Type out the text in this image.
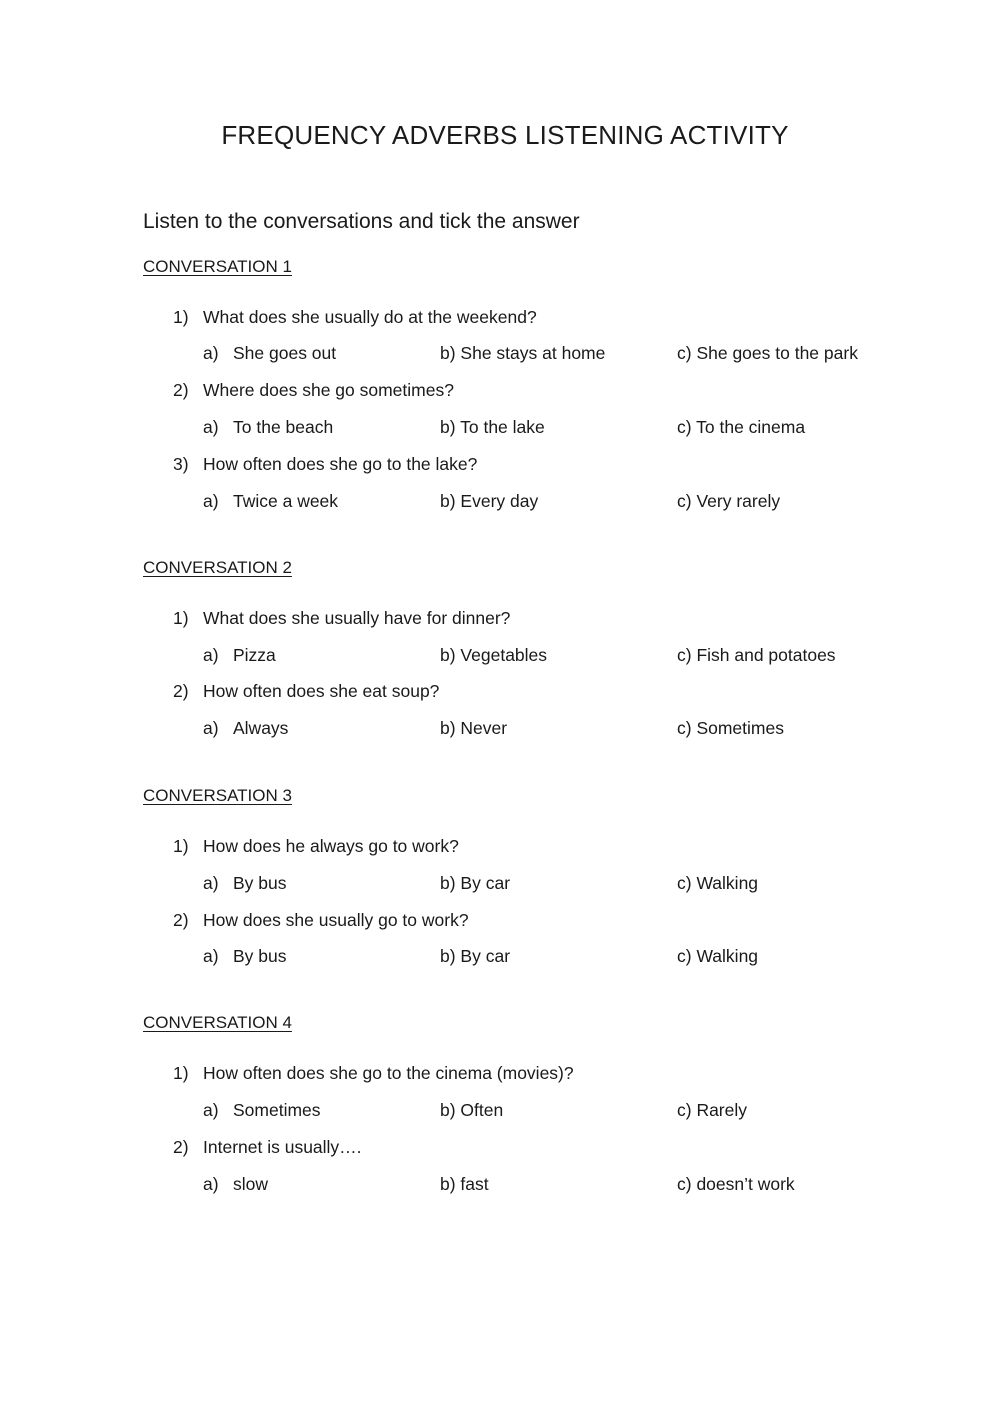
FREQUENCY ADVERBS LISTENING ACTIVITY
Listen to the conversations and tick the answer
CONVERSATION 1
1) What does she usually do at the weekend?
a) She goes out	b) She stays at home	c) She goes to the park
2) Where does she go sometimes?
a) To the beach	b) To the lake	c) To the cinema
3) How often does she go to the lake?
a) Twice a week	b) Every day	c) Very rarely
CONVERSATION 2
1) What does she usually have for dinner?
a) Pizza	b) Vegetables	c) Fish and potatoes
2) How often does she eat soup?
a) Always	b) Never	c) Sometimes
CONVERSATION 3
1) How does he always go to work?
a) By bus	b) By car	c) Walking
2) How does she usually go to work?
a) By bus	b) By car	c) Walking
CONVERSATION 4
1) How often does she go to the cinema (movies)?
a) Sometimes	b) Often	c) Rarely
2) Internet is usually….
a) slow	b) fast	c) doesn’t work
